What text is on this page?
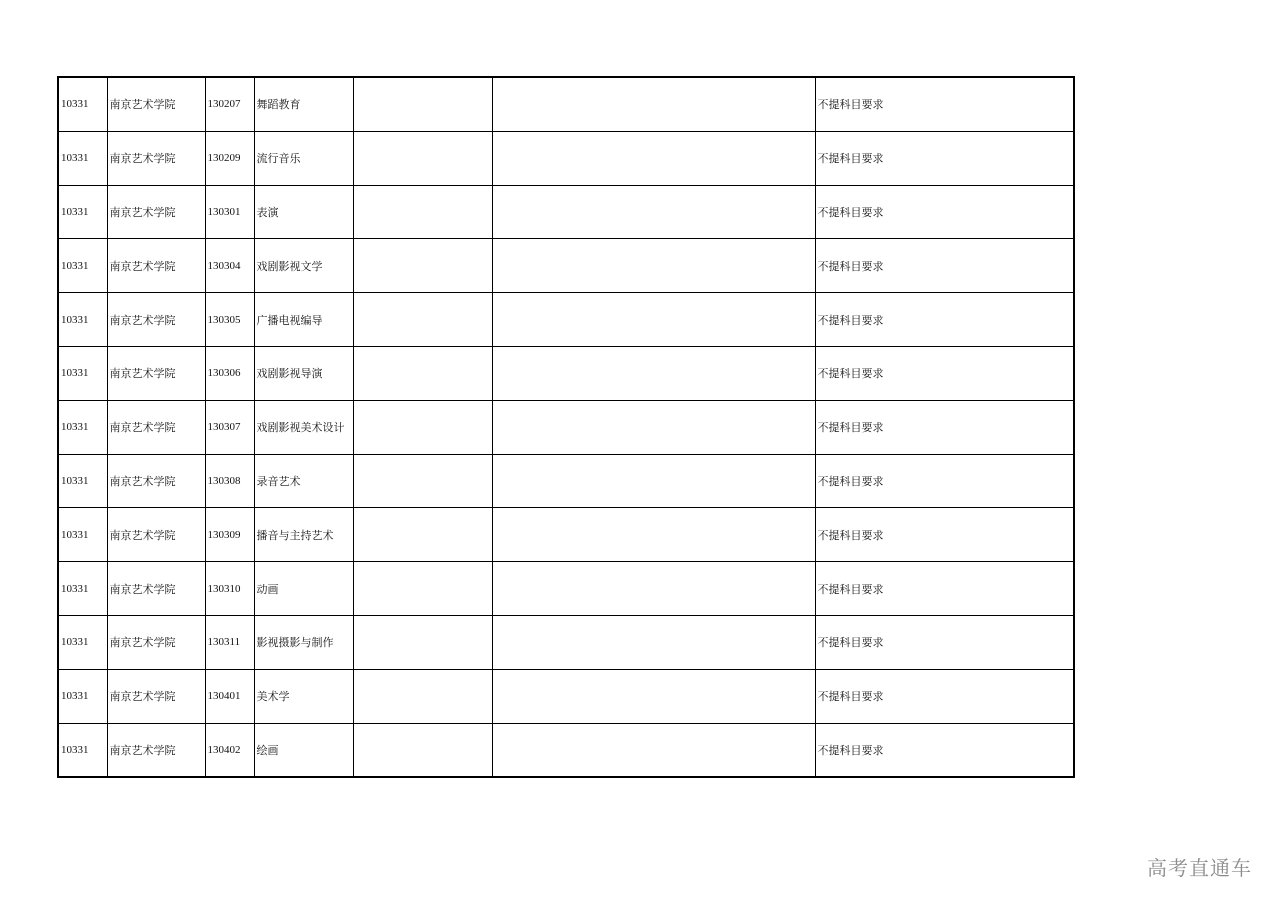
10331	南京艺术学院	130207	舞蹈教育			不提科目要求
10331	南京艺术学院	130209	流行音乐			不提科目要求
10331	南京艺术学院	130301	表演			不提科目要求
10331	南京艺术学院	130304	戏剧影视文学			不提科目要求
10331	南京艺术学院	130305	广播电视编导			不提科目要求
10331	南京艺术学院	130306	戏剧影视导演			不提科目要求
10331	南京艺术学院	130307	戏剧影视美术设计			不提科目要求
10331	南京艺术学院	130308	录音艺术			不提科目要求
10331	南京艺术学院	130309	播音与主持艺术			不提科目要求
10331	南京艺术学院	130310	动画			不提科目要求
10331	南京艺术学院	130311	影视摄影与制作			不提科目要求
10331	南京艺术学院	130401	美术学			不提科目要求
10331	南京艺术学院	130402	绘画			不提科目要求
高考直通车
